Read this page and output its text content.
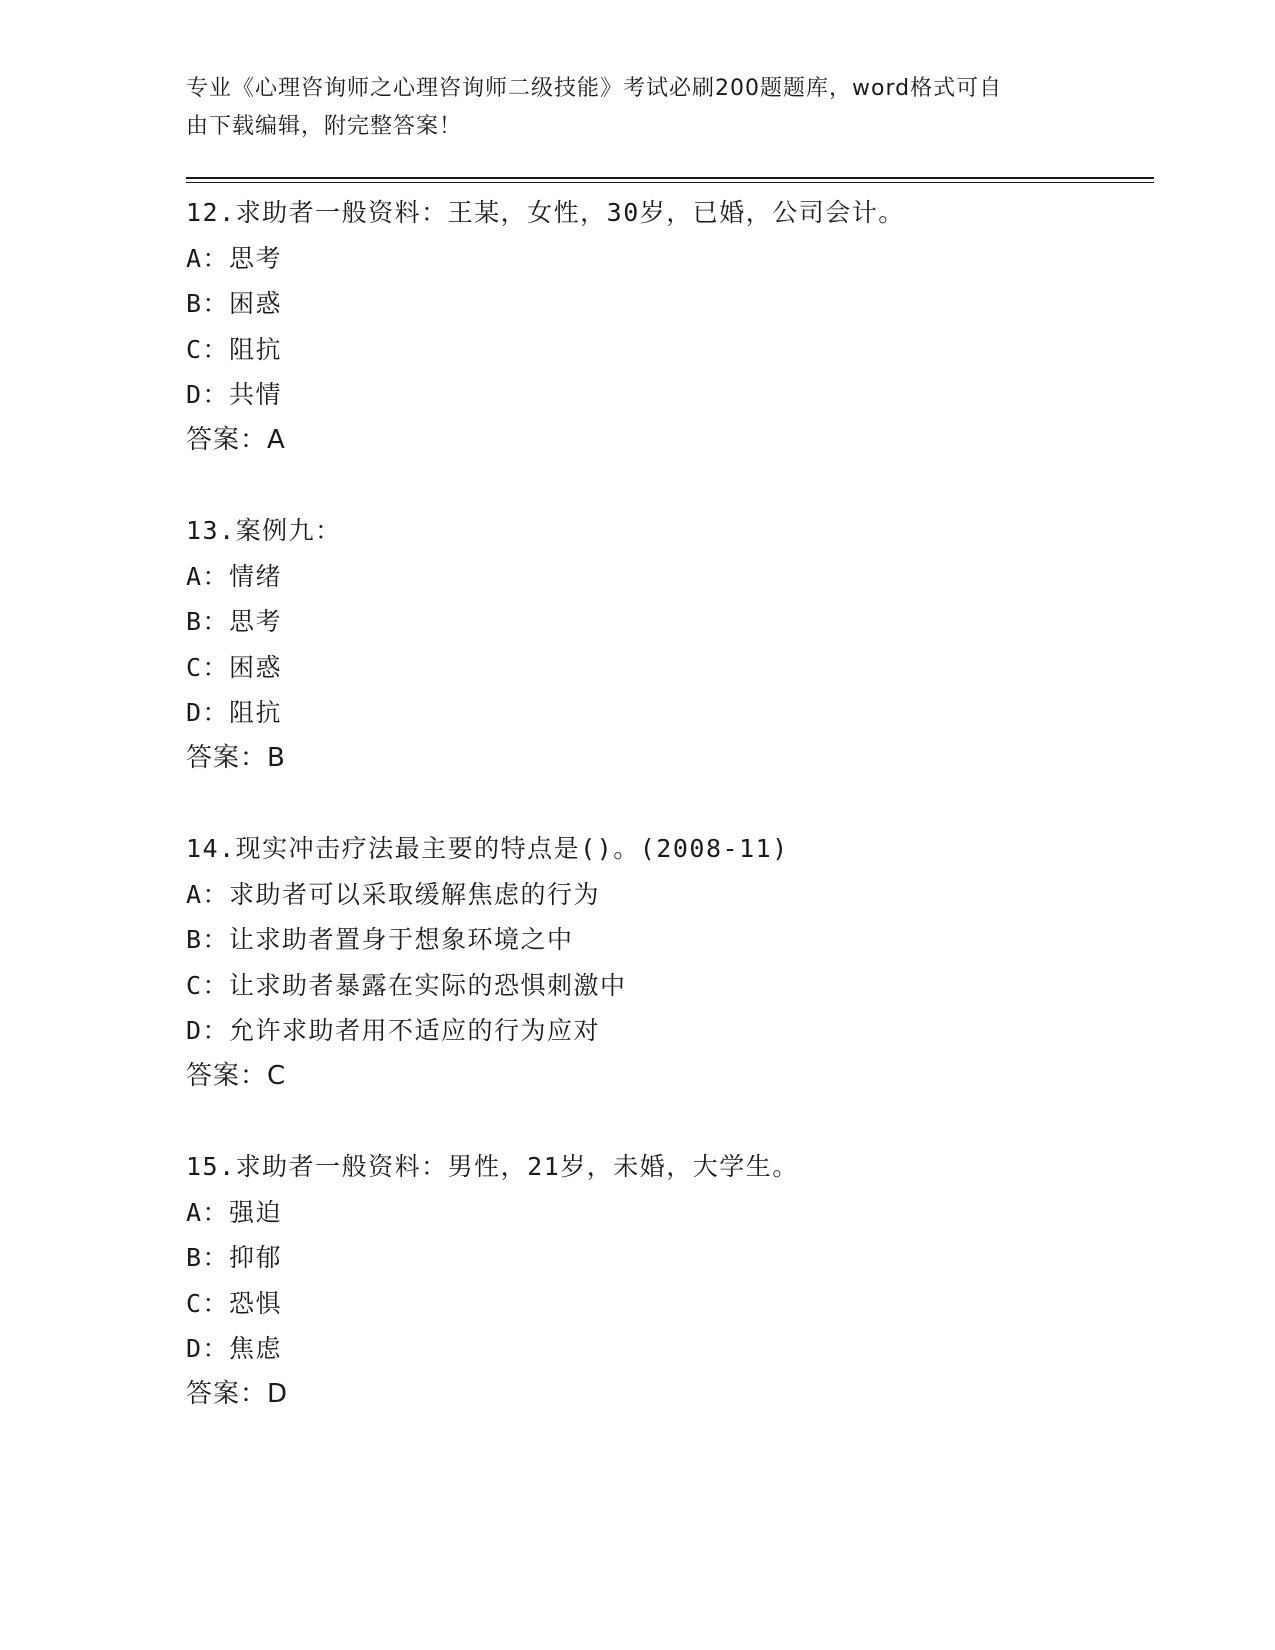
专业《心理咨询师之心理咨询师二级技能》考试必刷200题题库，word格式可自
由下载编辑，附完整答案！
12.求助者一般资料：王某，女性，30岁，已婚，公司会计。
A：思考
B：困惑
C：阻抗
D：共情
答案：A
13.案例九：
A：情绪
B：思考
C：困惑
D：阻抗
答案：B
14.现实冲击疗法最主要的特点是()。(2008-11)
A：求助者可以采取缓解焦虑的行为
B：让求助者置身于想象环境之中
C：让求助者暴露在实际的恐惧刺激中
D：允许求助者用不适应的行为应对
答案：C
15.求助者一般资料：男性，21岁，未婚，大学生。
A：强迫
B：抑郁
C：恐惧
D：焦虑
答案：D
